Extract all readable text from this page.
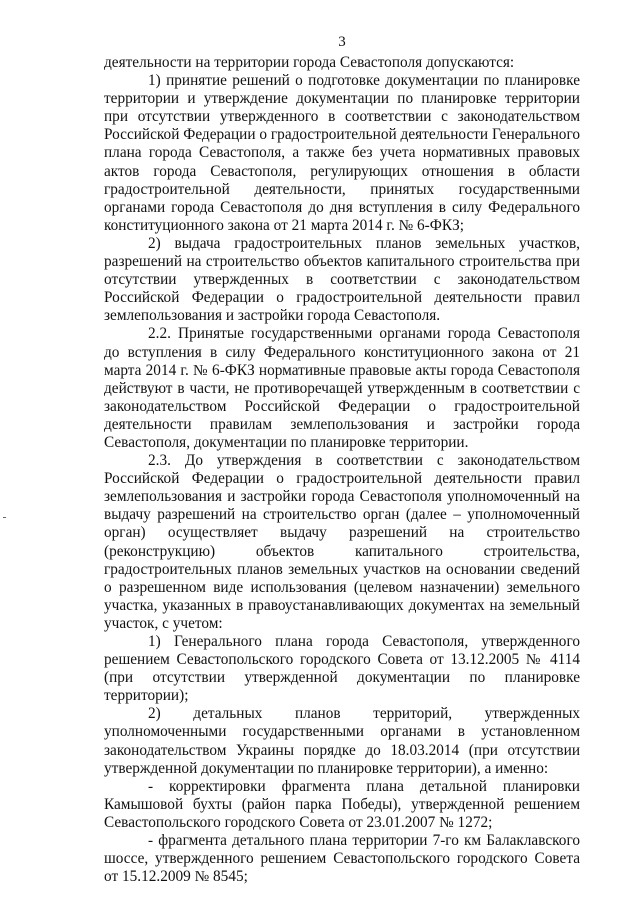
3

деятельности на территории города Севастополя допускаются:

1) принятие решений о подготовке документации по планировке территории и утверждение документации по планировке территории при отсутствии утвержденного в соответствии с законодательством Российской Федерации о градостроительной деятельности Генерального плана города Севастополя, а также без учета нормативных правовых актов города Севастополя, регулирующих отношения в области градостроительной деятельности, принятых государственными органами города Севастополя до дня вступления в силу Федерального конституционного закона от 21 марта 2014 г. № 6-ФКЗ;

2) выдача градостроительных планов земельных участков, разрешений на строительство объектов капитального строительства при отсутствии утвержденных в соответствии с законодательством Российской Федерации о градостроительной деятельности правил землепользования и застройки города Севастополя.

2.2. Принятые государственными органами города Севастополя до вступления в силу Федерального конституционного закона от 21 марта 2014 г. № 6-ФКЗ нормативные правовые акты города Севастополя действуют в части, не противоречащей утвержденным в соответствии с законодательством Российской Федерации о градостроительной деятельности правилам землепользования и застройки города Севастополя, документации по планировке территории.

2.3. До утверждения в соответствии с законодательством Российской Федерации о градостроительной деятельности правил землепользования и застройки города Севастополя уполномоченный на выдачу разрешений на строительство орган (далее – уполномоченный орган) осуществляет выдачу разрешений на строительство (реконструкцию) объектов капитального строительства, градостроительных планов земельных участков на основании сведений о разрешенном виде использования (целевом назначении) земельного участка, указанных в правоустанавливающих документах на земельный участок, с учетом:

1) Генерального плана города Севастополя, утвержденного решением Севастопольского городского Совета от 13.12.2005 № 4114 (при отсутствии утвержденной документации по планировке территории);

2) детальных планов территорий, утвержденных уполномоченными государственными органами в установленном законодательством Украины порядке до 18.03.2014 (при отсутствии утвержденной документации по планировке территории), а именно:

- корректировки фрагмента плана детальной планировки Камышовой бухты (район парка Победы), утвержденной решением Севастопольского городского Совета от 23.01.2007 № 1272;

- фрагмента детального плана территории 7-го км Балаклавского шоссе, утвержденного решением Севастопольского городского Совета от 15.12.2009 № 8545;
